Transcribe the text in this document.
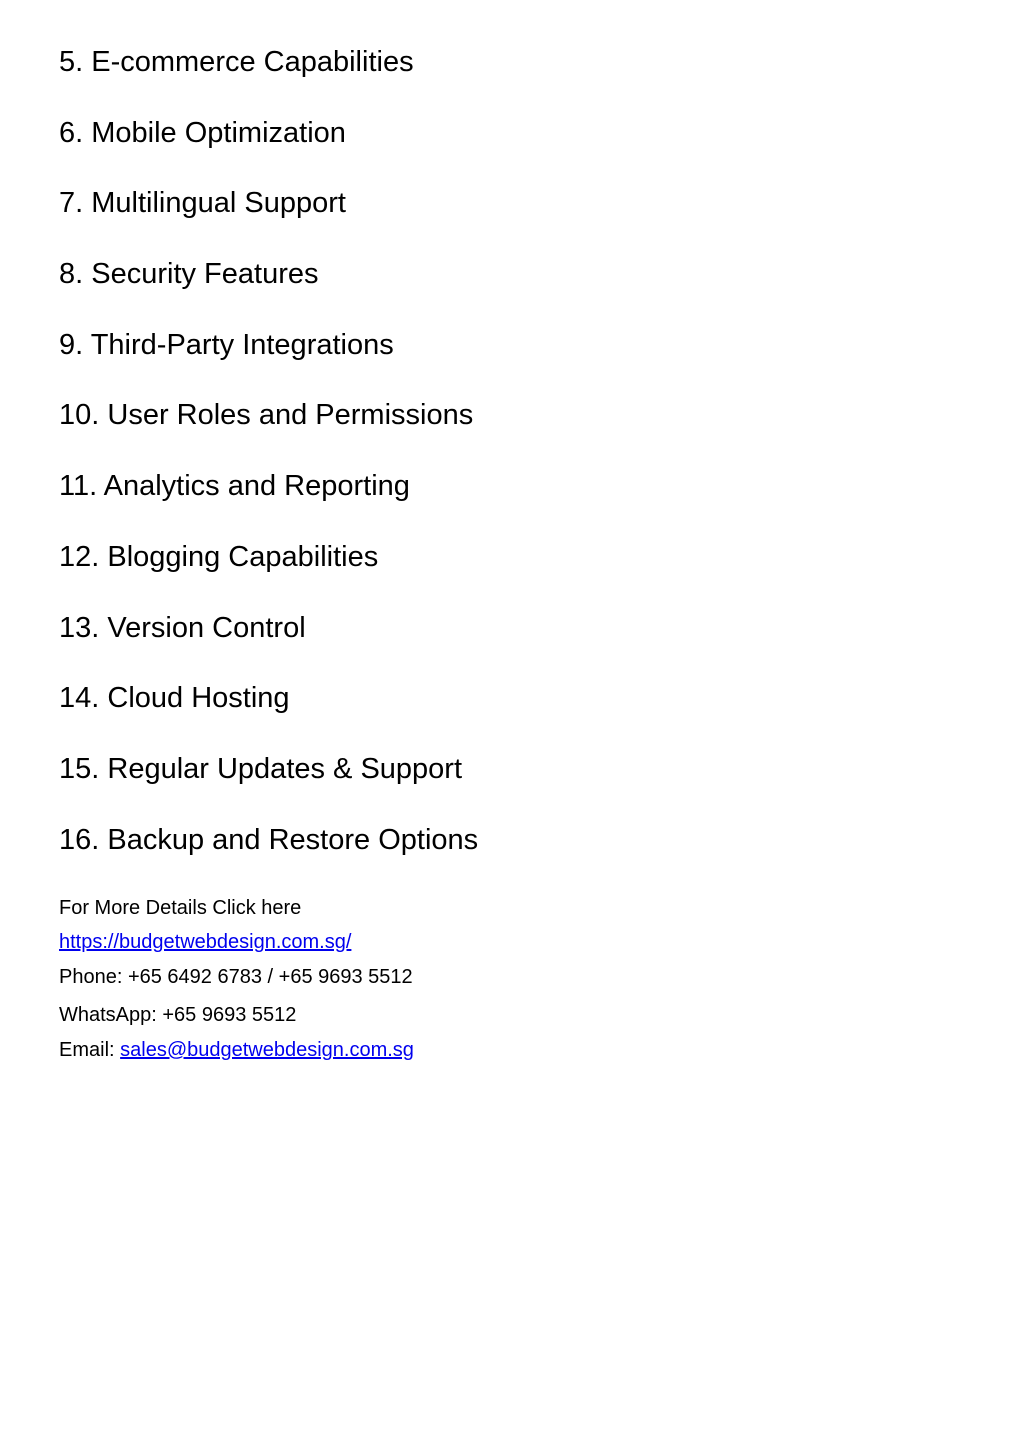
5. E-commerce Capabilities
6. Mobile Optimization
7. Multilingual Support
8. Security Features
9. Third-Party Integrations
10. User Roles and Permissions
11. Analytics and Reporting
12. Blogging Capabilities
13. Version Control
14. Cloud Hosting
15. Regular Updates & Support
16. Backup and Restore Options
For More Details Click here
https://budgetwebdesign.com.sg/
Phone: +65 6492 6783 / +65 9693 5512
WhatsApp: +65 9693 5512
Email: sales@budgetwebdesign.com.sg
